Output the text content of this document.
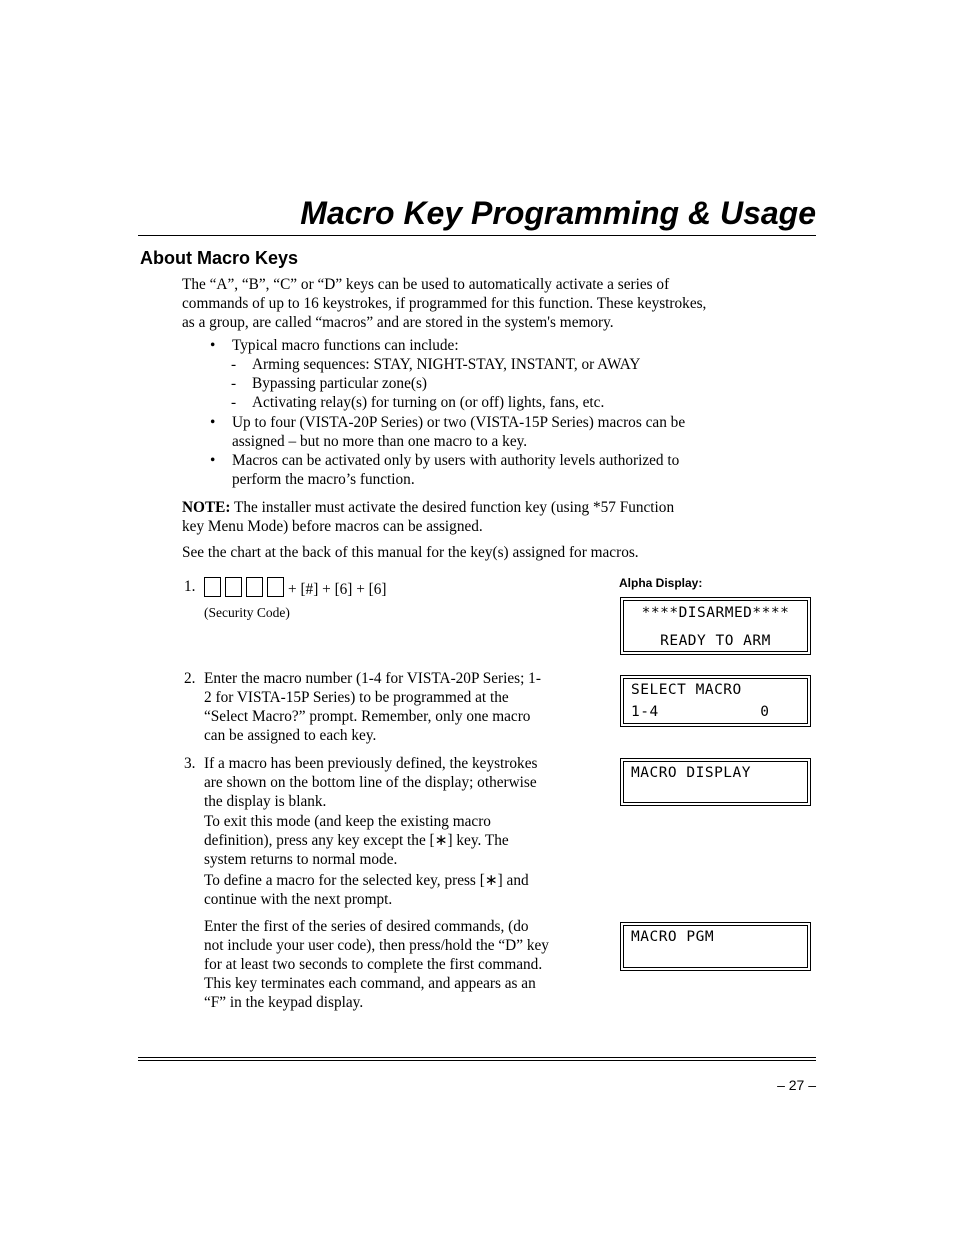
Macro Key Programming & Usage
About Macro Keys
The “A”, “B”, “C” or “D” keys can be used to automatically activate a series of
commands of up to 16 keystrokes, if programmed for this function. These keystrokes,
as a group, are called “macros” and are stored in the system's memory.
• Typical macro functions can include:
- Arming sequences: STAY, NIGHT-STAY, INSTANT, or AWAY
- Bypassing particular zone(s)
- Activating relay(s) for turning on (or off) lights, fans, etc.
• Up to four (VISTA-20P Series) or two (VISTA-15P Series) macros can be
assigned – but no more than one macro to a key.
• Macros can be activated only by users with authority levels authorized to
perform the macro’s function.
NOTE: The installer must activate the desired function key (using *57 Function
key Menu Mode) before macros can be assigned.
See the chart at the back of this manual for the key(s) assigned for macros.
1.	+ [#] + [6] + [6]
(Security Code)
Alpha Display:
****DISARMED****
READY TO ARM
2. Enter the macro number (1-4 for VISTA-20P Series; 1-
2 for VISTA-15P Series) to be programmed at the
“Select Macro?” prompt. Remember, only one macro
can be assigned to each key.
SELECT MACRO
1-4           0
3. If a macro has been previously defined, the keystrokes
are shown on the bottom line of the display; otherwise
the display is blank.
To exit this mode (and keep the existing macro
definition), press any key except the [∗] key. The
system returns to normal mode.
To define a macro for the selected key, press [∗] and
continue with the next prompt.
MACRO DISPLAY
Enter the first of the series of desired commands, (do
not include your user code), then press/hold the “D” key
for at least two seconds to complete the first command.
This key terminates each command, and appears as an
“F” in the keypad display.
MACRO PGM
– 27 –
